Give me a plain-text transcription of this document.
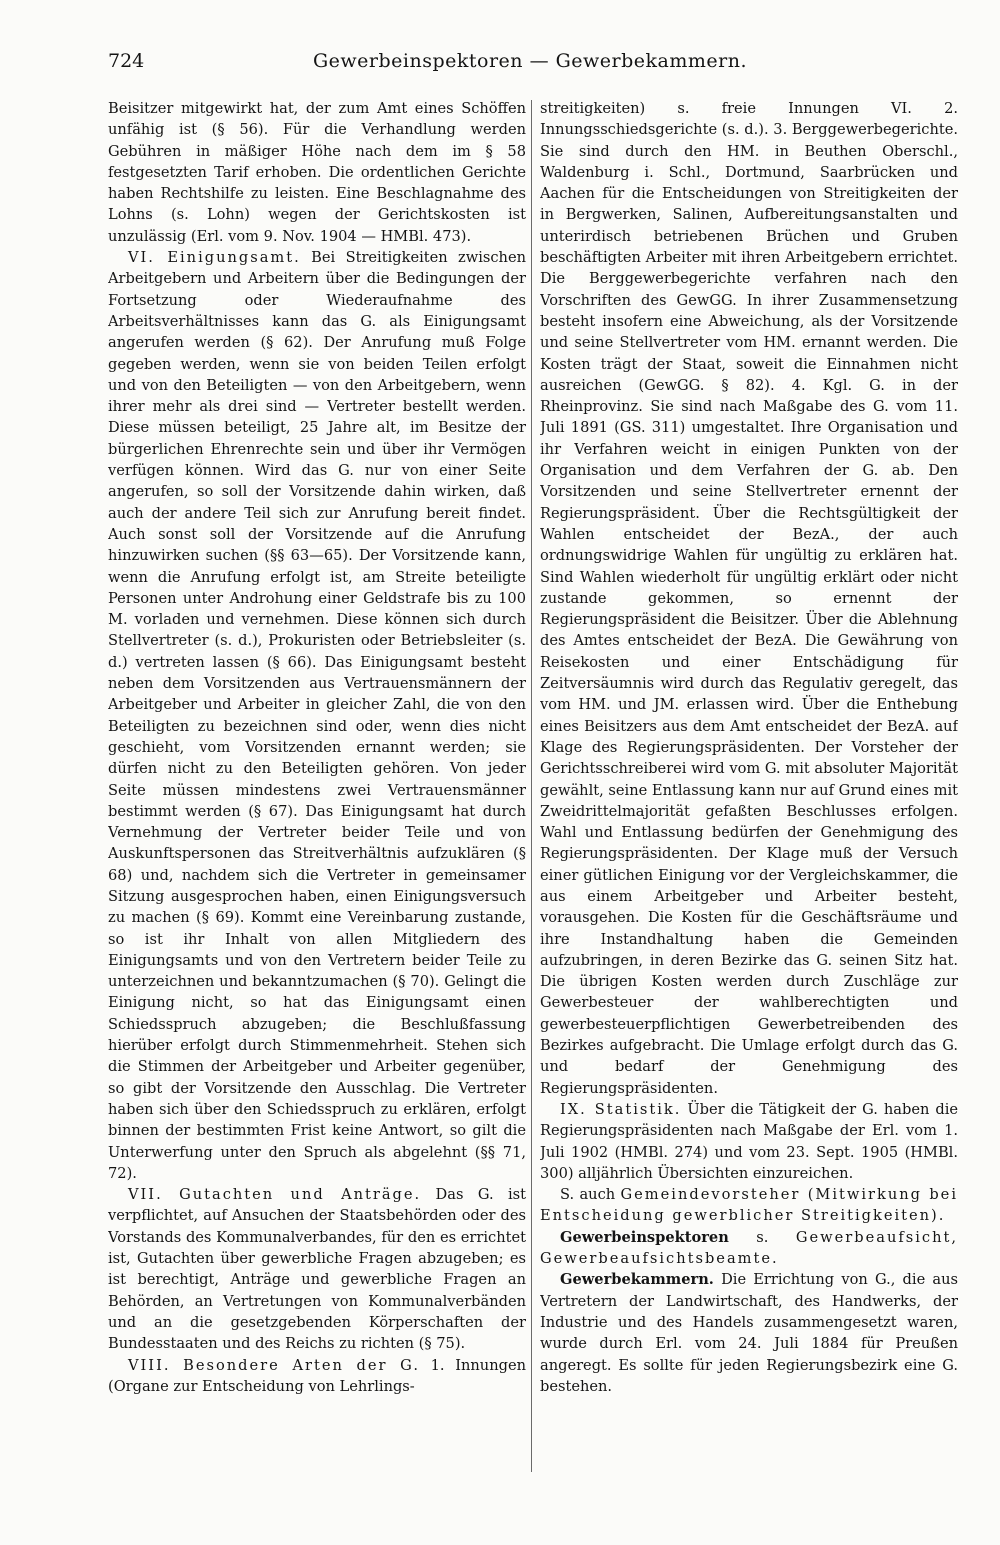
724	Gewerbeinspektoren — Gewerbekammern.

Beisitzer mitgewirkt hat, der zum Amt eines Schöffen unfähig ist (§ 56). Für die Verhandlung werden Gebühren in mäßiger Höhe nach dem im § 58 festgesetzten Tarif erhoben. Die ordentlichen Gerichte haben Rechtshilfe zu leisten. Eine Beschlagnahme des Lohns (s. Lohn) wegen der Gerichtskosten ist unzulässig (Erl. vom 9. Nov. 1904 — HMBl. 473).

VI. Einigungsamt. Bei Streitigkeiten zwischen Arbeitgebern und Arbeitern über die Bedingungen der Fortsetzung oder Wiederaufnahme des Arbeitsverhältnisses kann das G. als Einigungsamt angerufen werden (§ 62). Der Anrufung muß Folge gegeben werden, wenn sie von beiden Teilen erfolgt und von den Beteiligten — von den Arbeitgebern, wenn ihrer mehr als drei sind — Vertreter bestellt werden. Diese müssen beteiligt, 25 Jahre alt, im Besitze der bürgerlichen Ehrenrechte sein und über ihr Vermögen verfügen können. Wird das G. nur von einer Seite angerufen, so soll der Vorsitzende dahin wirken, daß auch der andere Teil sich zur Anrufung bereit findet. Auch sonst soll der Vorsitzende auf die Anrufung hinzuwirken suchen (§§ 63—65). Der Vorsitzende kann, wenn die Anrufung erfolgt ist, am Streite beteiligte Personen unter Androhung einer Geldstrafe bis zu 100 M. vorladen und vernehmen. Diese können sich durch Stellvertreter (s. d.), Prokuristen oder Betriebsleiter (s. d.) vertreten lassen (§ 66). Das Einigungsamt besteht neben dem Vorsitzenden aus Vertrauensmännern der Arbeitgeber und Arbeiter in gleicher Zahl, die von den Beteiligten zu bezeichnen sind oder, wenn dies nicht geschieht, vom Vorsitzenden ernannt werden; sie dürfen nicht zu den Beteiligten gehören. Von jeder Seite müssen mindestens zwei Vertrauensmänner bestimmt werden (§ 67). Das Einigungsamt hat durch Vernehmung der Vertreter beider Teile und von Auskunftspersonen das Streitverhältnis aufzuklären (§ 68) und, nachdem sich die Vertreter in gemeinsamer Sitzung ausgesprochen haben, einen Einigungsversuch zu machen (§ 69). Kommt eine Vereinbarung zustande, so ist ihr Inhalt von allen Mitgliedern des Einigungsamts und von den Vertretern beider Teile zu unterzeichnen und bekanntzumachen (§ 70). Gelingt die Einigung nicht, so hat das Einigungsamt einen Schiedsspruch abzugeben; die Beschlußfassung hierüber erfolgt durch Stimmenmehrheit. Stehen sich die Stimmen der Arbeitgeber und Arbeiter gegenüber, so gibt der Vorsitzende den Ausschlag. Die Vertreter haben sich über den Schiedsspruch zu erklären, erfolgt binnen der bestimmten Frist keine Antwort, so gilt die Unterwerfung unter den Spruch als abgelehnt (§§ 71, 72).

VII. Gutachten und Anträge. Das G. ist verpflichtet, auf Ansuchen der Staatsbehörden oder des Vorstands des Kommunalverbandes, für den es errichtet ist, Gutachten über gewerbliche Fragen abzugeben; es ist berechtigt, Anträge und gewerbliche Fragen an Behörden, an Vertretungen von Kommunalverbänden und an die gesetzgebenden Körperschaften der Bundesstaaten und des Reichs zu richten (§ 75).

VIII. Besondere Arten der G. 1. Innungen (Organe zur Entscheidung von Lehrlings-

streitigkeiten) s. freie Innungen VI. 2. Innungsschiedsgerichte (s. d.). 3. Berggewerbegerichte. Sie sind durch den HM. in Beuthen Oberschl., Waldenburg i. Schl., Dortmund, Saarbrücken und Aachen für die Entscheidungen von Streitigkeiten der in Bergwerken, Salinen, Aufbereitungsanstalten und unterirdisch betriebenen Brüchen und Gruben beschäftigten Arbeiter mit ihren Arbeitgebern errichtet. Die Berggewerbegerichte verfahren nach den Vorschriften des GewGG. In ihrer Zusammensetzung besteht insofern eine Abweichung, als der Vorsitzende und seine Stellvertreter vom HM. ernannt werden. Die Kosten trägt der Staat, soweit die Einnahmen nicht ausreichen (GewGG. § 82). 4. Kgl. G. in der Rheinprovinz. Sie sind nach Maßgabe des G. vom 11. Juli 1891 (GS. 311) umgestaltet. Ihre Organisation und ihr Verfahren weicht in einigen Punkten von der Organisation und dem Verfahren der G. ab. Den Vorsitzenden und seine Stellvertreter ernennt der Regierungspräsident. Über die Rechtsgültigkeit der Wahlen entscheidet der BezA., der auch ordnungswidrige Wahlen für ungültig zu erklären hat. Sind Wahlen wiederholt für ungültig erklärt oder nicht zustande gekommen, so ernennt der Regierungspräsident die Beisitzer. Über die Ablehnung des Amtes entscheidet der BezA. Die Gewährung von Reisekosten und einer Entschädigung für Zeitversäumnis wird durch das Regulativ geregelt, das vom HM. und JM. erlassen wird. Über die Enthebung eines Beisitzers aus dem Amt entscheidet der BezA. auf Klage des Regierungspräsidenten. Der Vorsteher der Gerichtsschreiberei wird vom G. mit absoluter Majorität gewählt, seine Entlassung kann nur auf Grund eines mit Zweidrittelmajorität gefaßten Beschlusses erfolgen. Wahl und Entlassung bedürfen der Genehmigung des Regierungspräsidenten. Der Klage muß der Versuch einer gütlichen Einigung vor der Vergleichskammer, die aus einem Arbeitgeber und Arbeiter besteht, vorausgehen. Die Kosten für die Geschäftsräume und ihre Instandhaltung haben die Gemeinden aufzubringen, in deren Bezirke das G. seinen Sitz hat. Die übrigen Kosten werden durch Zuschläge zur Gewerbesteuer der wahlberechtigten und gewerbesteuerpflichtigen Gewerbetreibenden des Bezirkes aufgebracht. Die Umlage erfolgt durch das G. und bedarf der Genehmigung des Regierungspräsidenten.

IX. Statistik. Über die Tätigkeit der G. haben die Regierungspräsidenten nach Maßgabe der Erl. vom 1. Juli 1902 (HMBl. 274) und vom 23. Sept. 1905 (HMBl. 300) alljährlich Übersichten einzureichen.

S. auch Gemeindevorsteher (Mitwirkung bei Entscheidung gewerblicher Streitigkeiten).

Gewerbeinspektoren s. Gewerbeaufsicht, Gewerbeaufsichtsbeamte.

Gewerbekammern. Die Errichtung von G., die aus Vertretern der Landwirtschaft, des Handwerks, der Industrie und des Handels zusammengesetzt waren, wurde durch Erl. vom 24. Juli 1884 für Preußen angeregt. Es sollte für jeden Regierungsbezirk eine G. bestehen.
